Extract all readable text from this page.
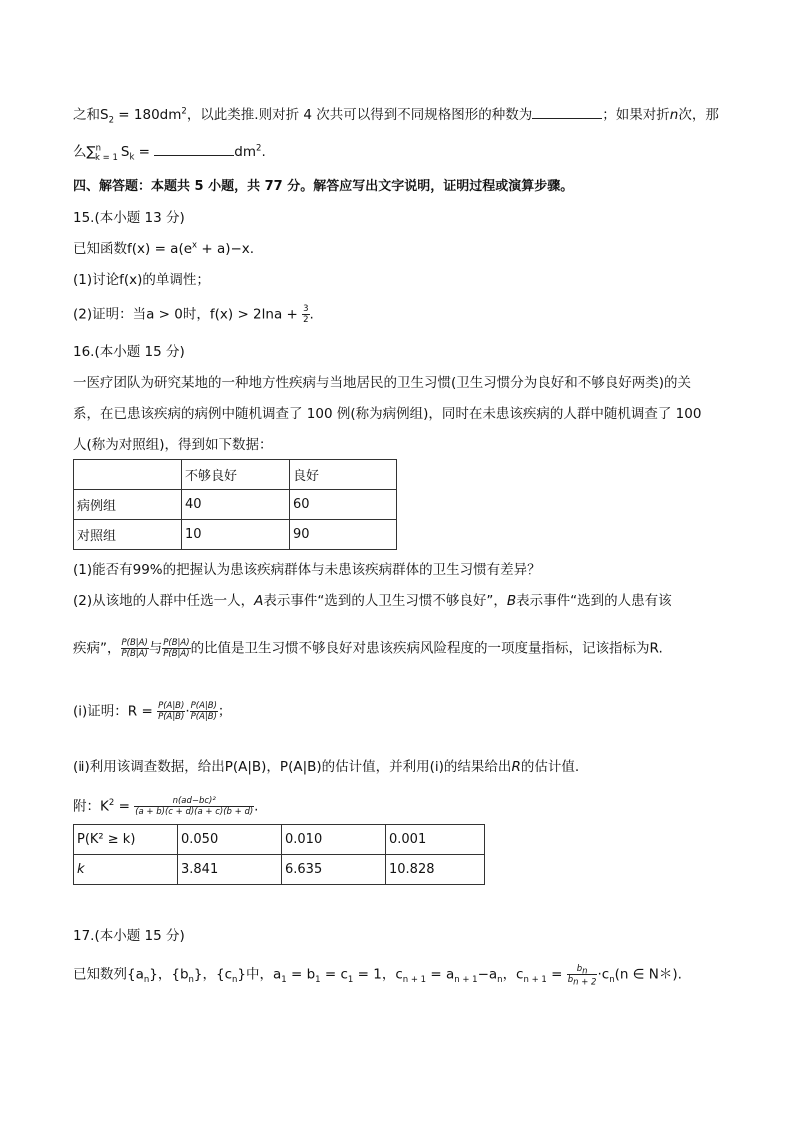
之和$S_2 = 180dm^2$，以此类推.则对折 4 次共可以得到不同规格图形的种数为	；如果对折n次，那
么∑$^n_{k = 1}$ $S_k$ =	$dm^2$.
四、解答题：本题共 5 小题，共 77 分。解答应写出文字说明，证明过程或演算步骤。
15.(本小题 13 分)
已知函数$f(x) = a(e^x + a)-x$.
(1)讨论f(x)的单调性；
(2)证明：当a > 0时，$f(x) > 2\ln a + \frac{3}{2}$ .
16.(本小题 15 分)
一医疗团队为研究某地的一种地方性疾病与当地居民的卫生习惯(卫生习惯分为良好和不够良好两类)的关
系，在已患该疾病的病例中随机调查了 100 例(称为病例组)，同时在未患该疾病的人群中随机调查了 100
人(称为对照组)，得到如下数据：
	不够良好	良好
病例组	40	60
对照组	10	90
(1)能否有99%的把握认为患该疾病群体与未患该疾病群体的卫生习惯有差异？
(2)从该地的人群中任选一人，A表示事件“选到的人卫生习惯不够良好”，B表示事件“选到的人患有该
疾病”， $\frac{P(B|A)}{P(B|A)}$ 与 $\frac{P(B|A)}{P(B|A)}$ 的比值是卫生习惯不够良好对患该疾病风险程度的一项度量指标，记该指标为R.
(ⅰ)证明：$R = \frac{P(A|B)}{P(A|B)} \cdot \frac{P(A|B)}{P(A|B)}$ ；
(ⅱ)利用该调查数据，给出P(A|B)，P(A|B)的估计值，并利用(ⅰ)的结果给出R的估计值.
附：$K^2 = \frac{\text{n(ad−bc)²}}{(a + b)(c + d)(a + c)(b + d)}$ .
P(K² ≥ k)	0.050	0.010	0.001
k	3.841	6.635	10.828
17.(本小题 15 分)
已知数列$\{a_n\}$，$\{b_n\}$，$\{c_n\}$中，$a_1 = b_1 = c_1 = 1$，$c_{n + 1} = a_{n + 1}-a_n$，$c_{n + 1} = \frac{b_n}{b_{n + 2}} \cdot c_n(n$ ∈ N＊).
